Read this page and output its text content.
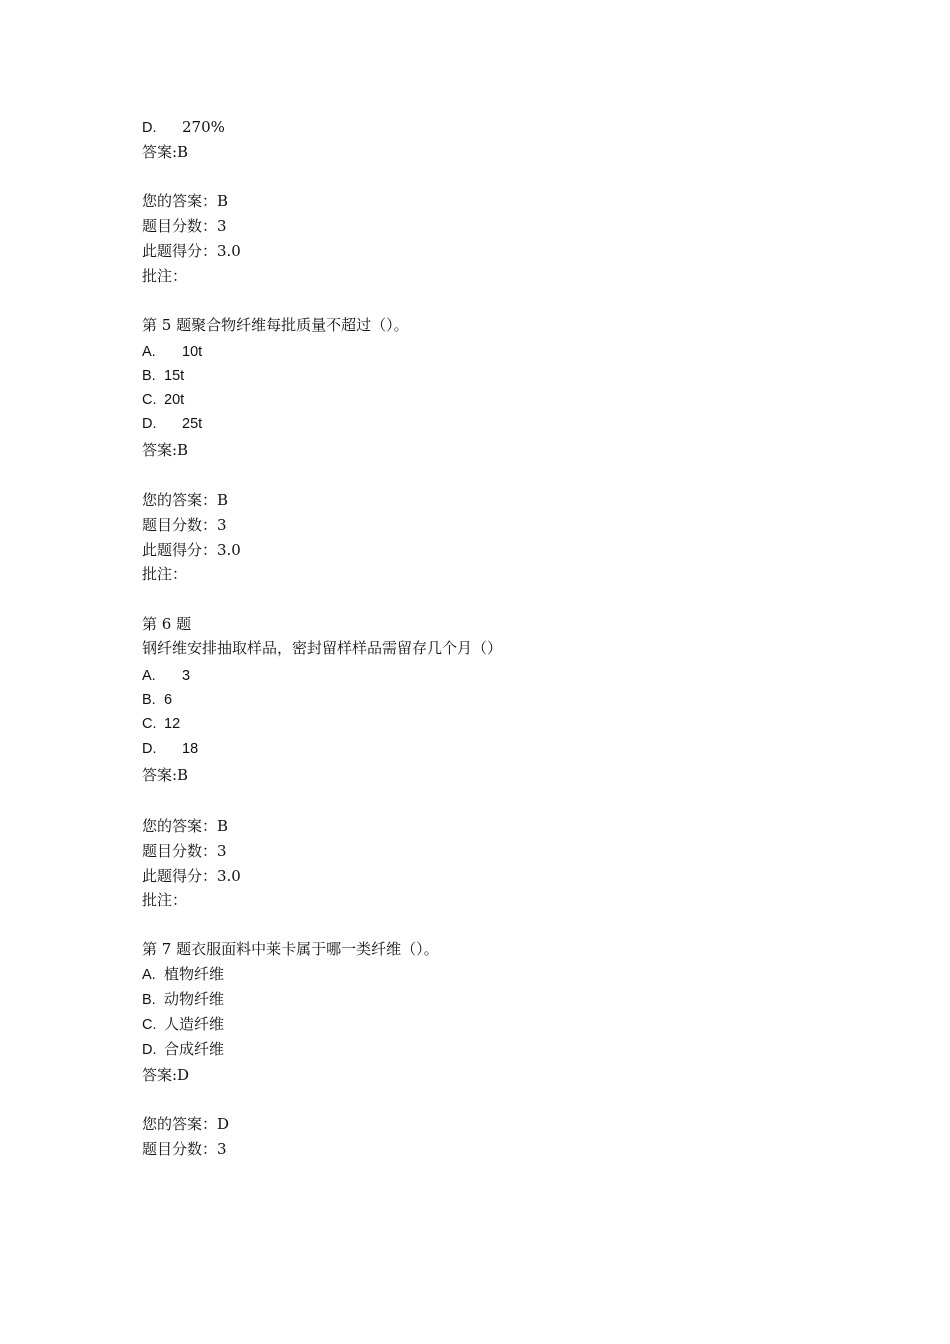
D. 270%
答案:B
您的答案：B
题目分数：3
此题得分：3.0
批注：
第 5 题聚合物纤维每批质量不超过（）。
A. 10t
B. 15t
C. 20t
D. 25t
答案:B
您的答案：B
题目分数：3
此题得分：3.0
批注：
第 6 题
钢纤维安排抽取样品，密封留样样品需留存几个月（）
A. 3
B. 6
C. 12
D. 18
答案:B
您的答案：B
题目分数：3
此题得分：3.0
批注：
第 7 题衣服面料中莱卡属于哪一类纤维（）。
A. 植物纤维
B. 动物纤维
C. 人造纤维
D. 合成纤维
答案:D
您的答案：D
题目分数：3
